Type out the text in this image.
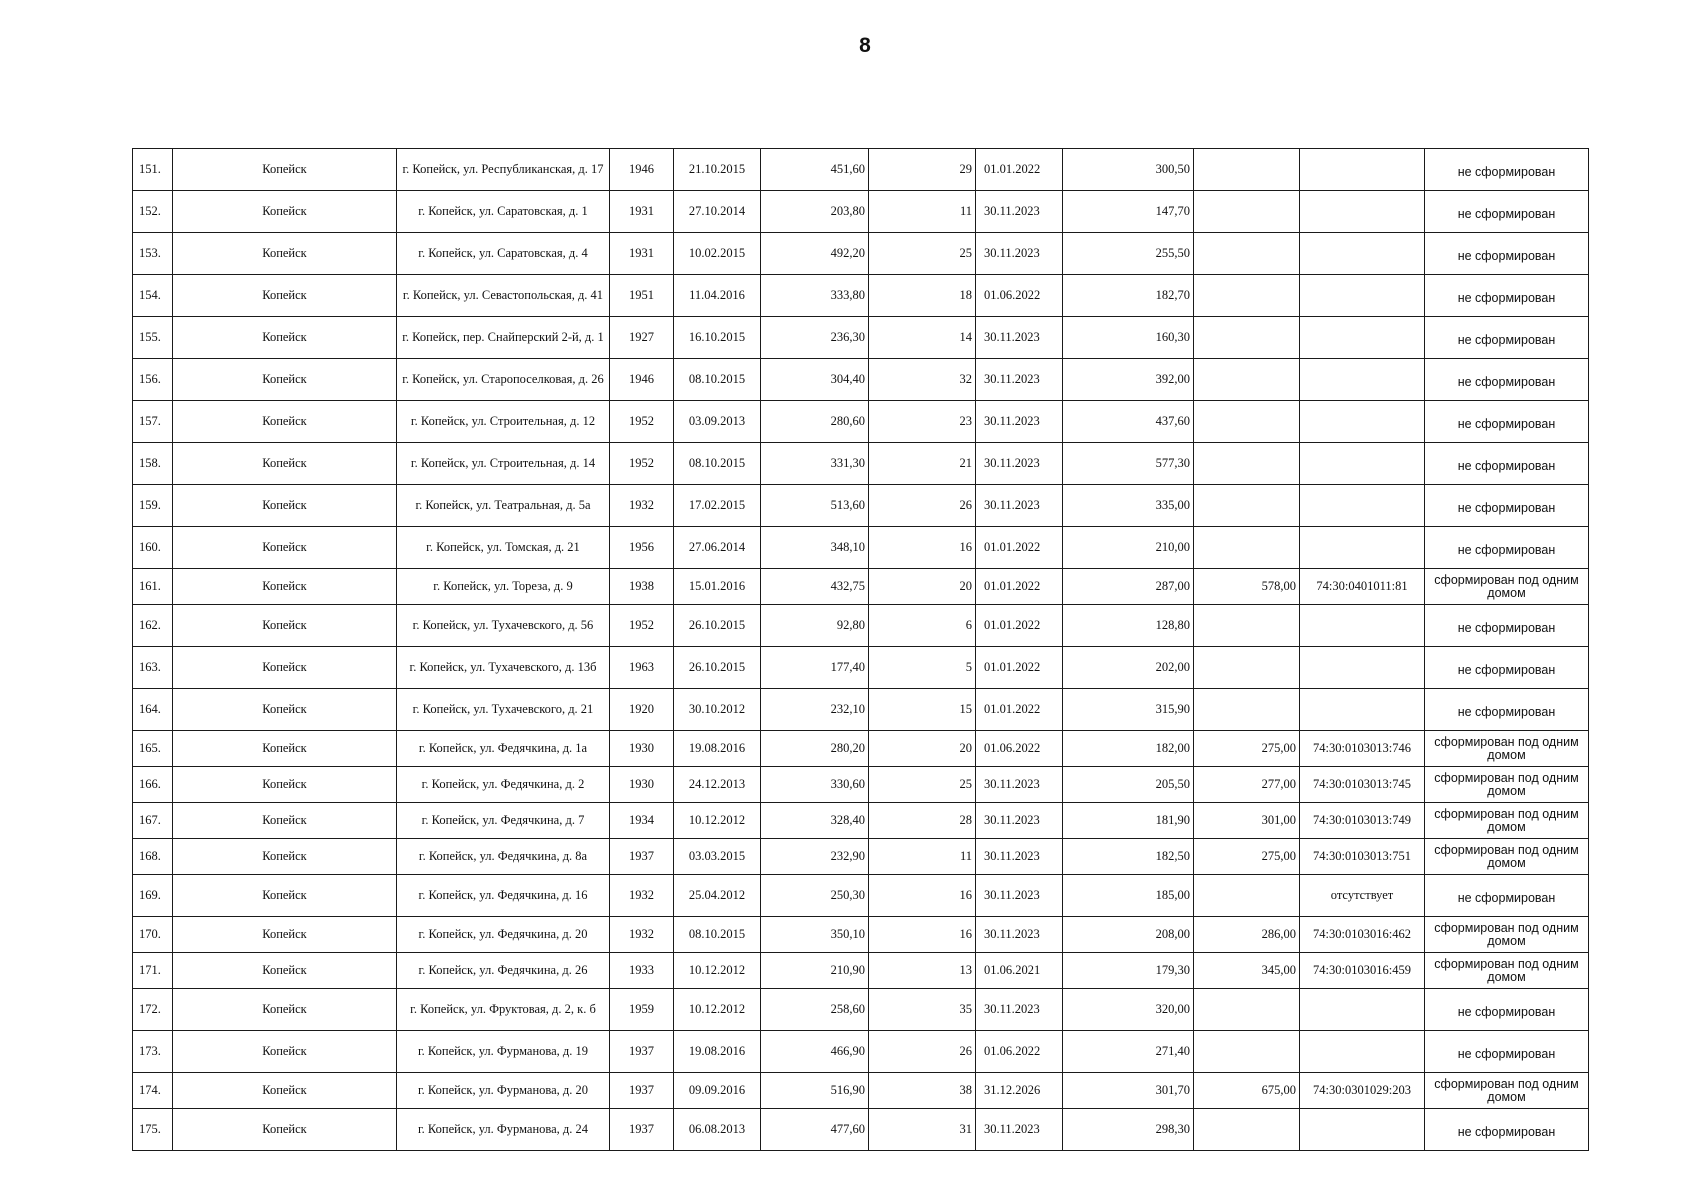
8
151.	Копейск	г. Копейск, ул. Республиканская, д. 17	1946	21.10.2015	451,60	29	01.01.2022	300,50			не сформирован
152.	Копейск	г. Копейск, ул. Саратовская, д. 1	1931	27.10.2014	203,80	11	30.11.2023	147,70			не сформирован
153.	Копейск	г. Копейск, ул. Саратовская, д. 4	1931	10.02.2015	492,20	25	30.11.2023	255,50			не сформирован
154.	Копейск	г. Копейск, ул. Севастопольская, д. 41	1951	11.04.2016	333,80	18	01.06.2022	182,70			не сформирован
155.	Копейск	г. Копейск, пер. Снайперский 2-й, д. 1	1927	16.10.2015	236,30	14	30.11.2023	160,30			не сформирован
156.	Копейск	г. Копейск, ул. Старопоселковая, д. 26	1946	08.10.2015	304,40	32	30.11.2023	392,00			не сформирован
157.	Копейск	г. Копейск, ул. Строительная, д. 12	1952	03.09.2013	280,60	23	30.11.2023	437,60			не сформирован
158.	Копейск	г. Копейск, ул. Строительная, д. 14	1952	08.10.2015	331,30	21	30.11.2023	577,30			не сформирован
159.	Копейск	г. Копейск, ул. Театральная, д. 5а	1932	17.02.2015	513,60	26	30.11.2023	335,00			не сформирован
160.	Копейск	г. Копейск, ул. Томская, д. 21	1956	27.06.2014	348,10	16	01.01.2022	210,00			не сформирован
161.	Копейск	г. Копейск, ул. Тореза, д. 9	1938	15.01.2016	432,75	20	01.01.2022	287,00	578,00	74:30:0401011:81	сформирован под одним домом
162.	Копейск	г. Копейск, ул. Тухачевского, д. 56	1952	26.10.2015	92,80	6	01.01.2022	128,80			не сформирован
163.	Копейск	г. Копейск, ул. Тухачевского, д. 13б	1963	26.10.2015	177,40	5	01.01.2022	202,00			не сформирован
164.	Копейск	г. Копейск, ул. Тухачевского, д. 21	1920	30.10.2012	232,10	15	01.01.2022	315,90			не сформирован
165.	Копейск	г. Копейск, ул. Федячкина, д. 1а	1930	19.08.2016	280,20	20	01.06.2022	182,00	275,00	74:30:0103013:746	сформирован под одним домом
166.	Копейск	г. Копейск, ул. Федячкина, д. 2	1930	24.12.2013	330,60	25	30.11.2023	205,50	277,00	74:30:0103013:745	сформирован под одним домом
167.	Копейск	г. Копейск, ул. Федячкина, д. 7	1934	10.12.2012	328,40	28	30.11.2023	181,90	301,00	74:30:0103013:749	сформирован под одним домом
168.	Копейск	г. Копейск, ул. Федячкина, д. 8а	1937	03.03.2015	232,90	11	30.11.2023	182,50	275,00	74:30:0103013:751	сформирован под одним домом
169.	Копейск	г. Копейск, ул. Федячкина, д. 16	1932	25.04.2012	250,30	16	30.11.2023	185,00		отсутствует	не сформирован
170.	Копейск	г. Копейск, ул. Федячкина, д. 20	1932	08.10.2015	350,10	16	30.11.2023	208,00	286,00	74:30:0103016:462	сформирован под одним домом
171.	Копейск	г. Копейск, ул. Федячкина, д. 26	1933	10.12.2012	210,90	13	01.06.2021	179,30	345,00	74:30:0103016:459	сформирован под одним домом
172.	Копейск	г. Копейск, ул. Фруктовая, д. 2, к. б	1959	10.12.2012	258,60	35	30.11.2023	320,00			не сформирован
173.	Копейск	г. Копейск, ул. Фурманова, д. 19	1937	19.08.2016	466,90	26	01.06.2022	271,40			не сформирован
174.	Копейск	г. Копейск, ул. Фурманова, д. 20	1937	09.09.2016	516,90	38	31.12.2026	301,70	675,00	74:30:0301029:203	сформирован под одним домом
175.	Копейск	г. Копейск, ул. Фурманова, д. 24	1937	06.08.2013	477,60	31	30.11.2023	298,30			не сформирован
